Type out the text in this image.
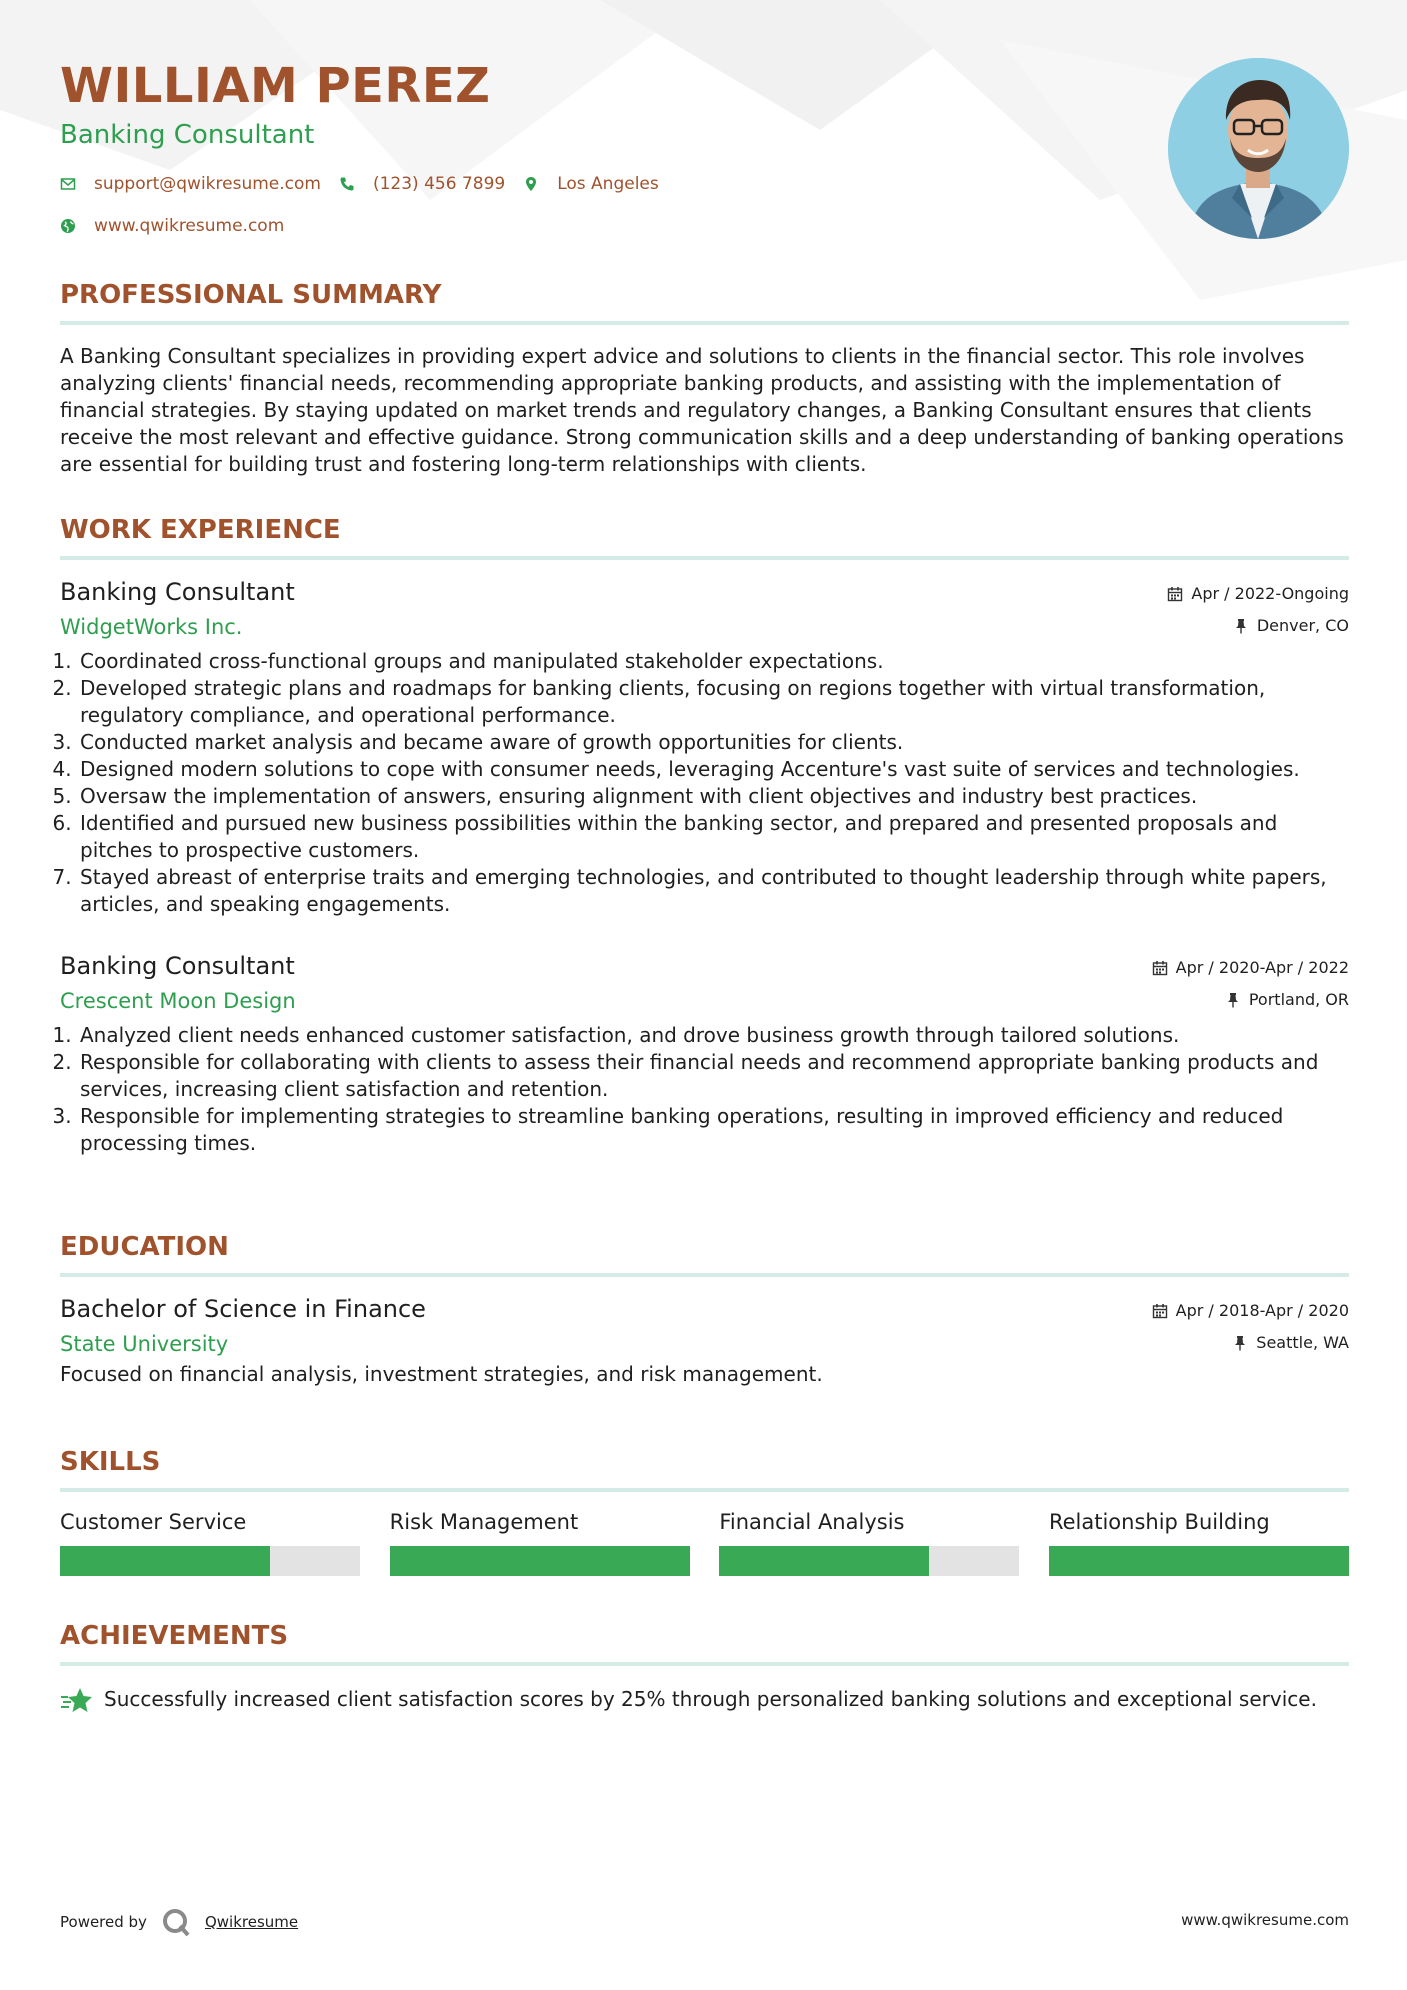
WILLIAM PEREZ
Banking Consultant
support@qwikresume.com	(123) 456 7899	Los Angeles
www.qwikresume.com
PROFESSIONAL SUMMARY

A Banking Consultant specializes in providing expert advice and solutions to clients in the financial sector. This role involves analyzing clients' financial needs, recommending appropriate banking products, and assisting with the implementation of financial strategies. By staying updated on market trends and regulatory changes, a Banking Consultant ensures that clients receive the most relevant and effective guidance. Strong communication skills and a deep understanding of banking operations are essential for building trust and fostering long-term relationships with clients.

WORK EXPERIENCE
Banking Consultant
WidgetWorks Inc.
Apr / 2022-Ongoing
Denver, CO
1. Coordinated cross-functional groups and manipulated stakeholder expectations.
2. Developed strategic plans and roadmaps for banking clients, focusing on regions together with virtual transformation, regulatory compliance, and operational performance.
3. Conducted market analysis and became aware of growth opportunities for clients.
4. Designed modern solutions to cope with consumer needs, leveraging Accenture's vast suite of services and technologies.
5. Oversaw the implementation of answers, ensuring alignment with client objectives and industry best practices.
6. Identified and pursued new business possibilities within the banking sector, and prepared and presented proposals and pitches to prospective customers.
7. Stayed abreast of enterprise traits and emerging technologies, and contributed to thought leadership through white papers, articles, and speaking engagements.
Banking Consultant
Crescent Moon Design
Apr / 2020-Apr / 2022
Portland, OR
1. Analyzed client needs enhanced customer satisfaction, and drove business growth through tailored solutions.
2. Responsible for collaborating with clients to assess their financial needs and recommend appropriate banking products and services, increasing client satisfaction and retention.
3. Responsible for implementing strategies to streamline banking operations, resulting in improved efficiency and reduced processing times.
EDUCATION
Bachelor of Science in Finance
State University
Apr / 2018-Apr / 2020
Seattle, WA

Focused on financial analysis, investment strategies, and risk management.

SKILLS
Customer Service	Risk Management	Financial Analysis	Relationship Building
ACHIEVEMENTS

Successfully increased client satisfaction scores by 25% through personalized banking solutions and exceptional service.

Powered by	Qwikresume	www.qwikresume.com
